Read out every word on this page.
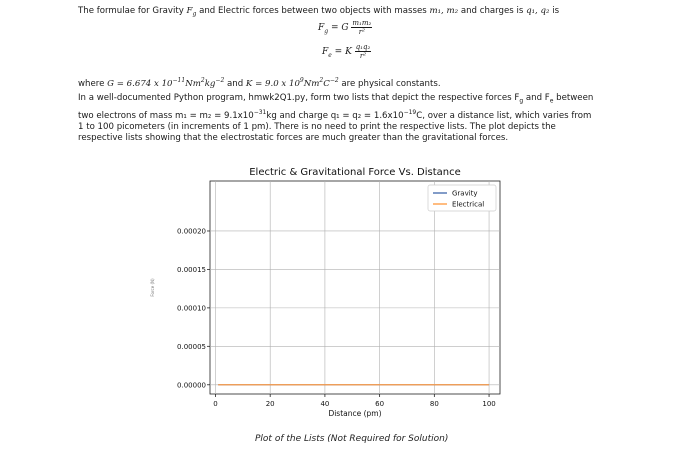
The formulae for Gravity $F_g$ and Electric forces between two objects with masses m₁, m₂ and charges is q₁, q₂ is
$F_g = G \frac{\text{m₁m₂}}{\text{r²}}$
$F_e = K \frac{\text{q₁q₂}}{\text{r²}}$
where G = 6.674 x $10^{-11}Nm^2kg^{-2}$ and K = 9.0 x $10^9Nm^2C^{-2}$ are physical constants.
In a well-documented Python program, hmwk2Q1.py, form two lists that depict the respective forces $F_g$ and $F_e$ between
two electrons of mass $m_1 = m_2 = 9.1x10^{-31}kg$ and charge $q_1 = q_2 = 1.6x10^{-19}C$, over a distance list, which varies from
1 to 100 picometers (in increments of 1 pm). There is no need to print the respective lists. The plot depicts the
respective lists showing that the electrostatic forces are much greater than the gravitational forces.
Electric & Gravitational Force Vs. Distance
0	20	40	60	80	100
0.00000
0.00005
0.00010
0.00015
0.00020
Distance (pm)
Force (N)
Gravity
Electrical
Plot of the Lists (Not Required for Solution)
